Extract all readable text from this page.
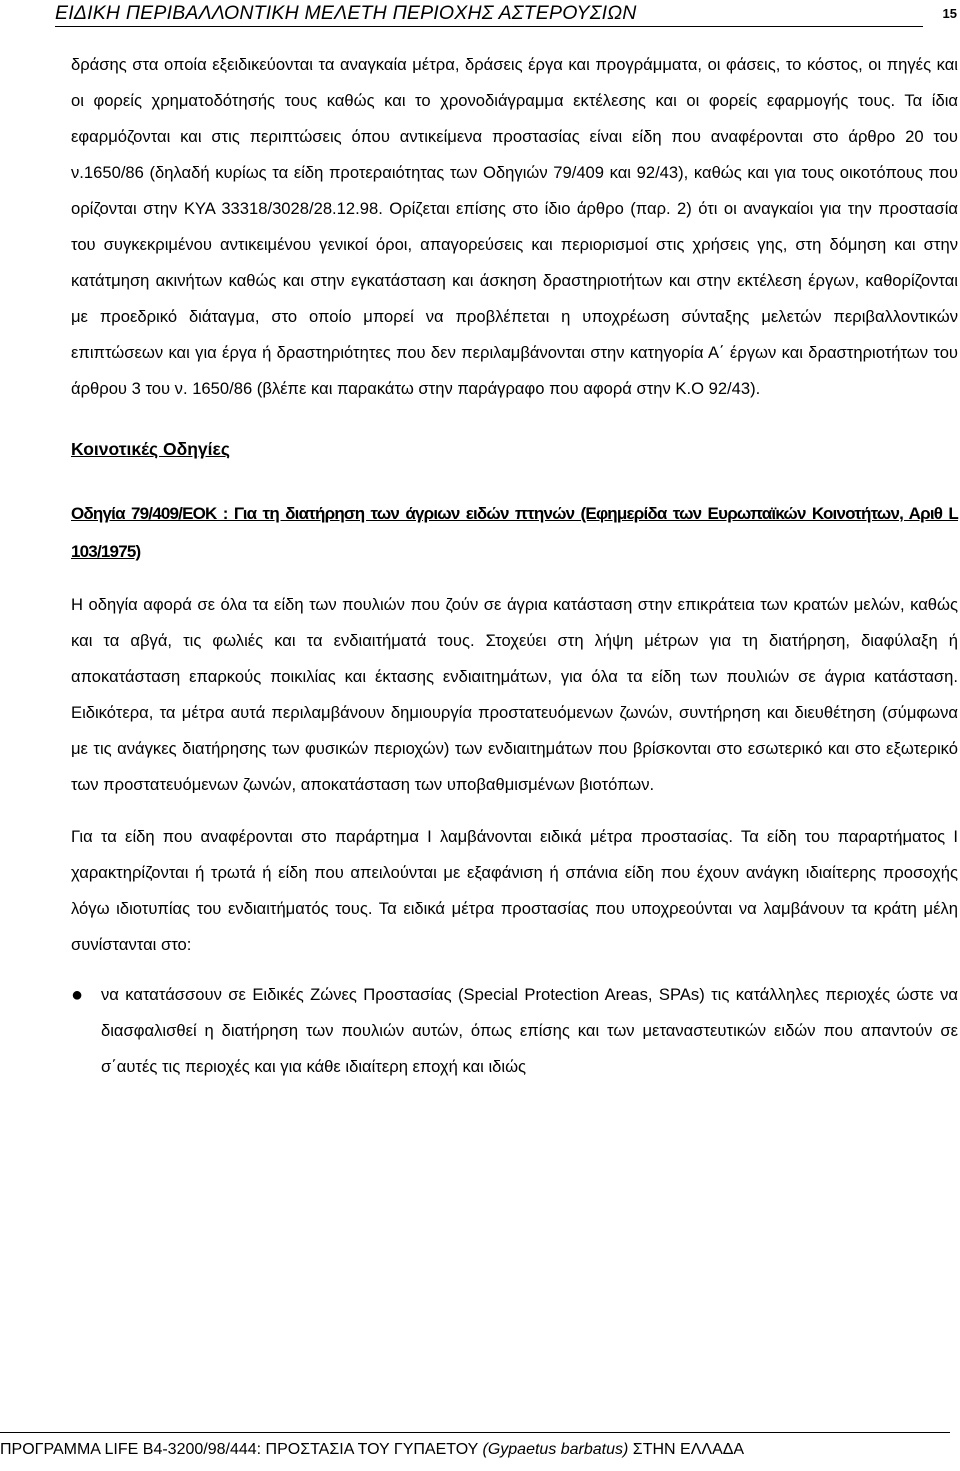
ΕΙΔΙΚΗ ΠΕΡΙΒΑΛΛΟΝΤΙΚΗ ΜΕΛΕΤΗ ΠΕΡΙΟΧΗΣ ΑΣΤΕΡΟΥΣΙΩΝ	15

δράσης στα οποία εξειδικεύονται τα αναγκαία μέτρα, δράσεις έργα και προγράμματα, οι φάσεις, το κόστος, οι πηγές και οι φορείς χρηματοδότησής τους καθώς και το χρονοδιάγραμμα εκτέλεσης και οι φορείς εφαρμογής τους. Τα ίδια εφαρμόζονται και στις περιπτώσεις όπου αντικείμενα προστασίας είναι είδη που αναφέρονται στο άρθρο 20 του ν.1650/86 (δηλαδή κυρίως τα είδη προτεραιότητας των Οδηγιών 79/409 και 92/43), καθώς και για τους οικοτόπους που ορίζονται στην ΚΥΑ 33318/3028/28.12.98. Ορίζεται επίσης στο ίδιο άρθρο (παρ. 2) ότι οι αναγκαίοι για την προστασία του συγκεκριμένου αντικειμένου γενικοί όροι, απαγορεύσεις και περιορισμοί στις χρήσεις γης, στη δόμηση και στην κατάτμηση ακινήτων καθώς και στην εγκατάσταση και άσκηση δραστηριοτήτων και στην εκτέλεση έργων, καθορίζονται με προεδρικό διάταγμα, στο οποίο μπορεί να προβλέπεται η υποχρέωση σύνταξης μελετών περιβαλλοντικών επιπτώσεων και για έργα ή δραστηριότητες που δεν περιλαμβάνονται στην κατηγορία Α΄ έργων και δραστηριοτήτων του άρθρου 3 του ν. 1650/86 (βλέπε και παρακάτω στην παράγραφο που αφορά στην Κ.Ο 92/43).

Κοινοτικές Οδηγίες
Οδηγία 79/409/ΕΟΚ : Για τη διατήρηση των άγριων ειδών πτηνών (Εφημερίδα των Ευρωπαϊκών Κοινοτήτων, Αριθ L 103/1975)

Η οδηγία αφορά σε όλα τα είδη των πουλιών που ζούν σε άγρια κατάσταση στην επικράτεια των κρατών μελών, καθώς και τα αβγά, τις φωλιές και τα ενδιαιτήματά τους. Στοχεύει στη λήψη μέτρων για τη διατήρηση, διαφύλαξη ή αποκατάσταση επαρκούς ποικιλίας και έκτασης ενδιαιτημάτων, για όλα τα είδη των πουλιών σε άγρια κατάσταση. Ειδικότερα, τα μέτρα αυτά περιλαμβάνουν δημιουργία προστατευόμενων ζωνών, συντήρηση και διευθέτηση (σύμφωνα με τις ανάγκες διατήρησης των φυσικών περιοχών) των ενδιαιτημάτων που βρίσκονται στο εσωτερικό και στο εξωτερικό των προστατευόμενων ζωνών, αποκατάσταση των υποβαθμισμένων βιοτόπων.

Για τα είδη που αναφέρονται στο παράρτημα Ι λαμβάνονται ειδικά μέτρα προστασίας. Τα είδη του παραρτήματος Ι χαρακτηρίζονται ή τρωτά ή είδη που απειλούνται με εξαφάνιση ή σπάνια είδη που έχουν ανάγκη ιδιαίτερης προσοχής λόγω ιδιοτυπίας του ενδιαιτήματός τους. Τα ειδικά μέτρα προστασίας που υποχρεούνται να λαμβάνουν τα κράτη μέλη συνίστανται στο:

●	να κατατάσσουν σε Ειδικές Ζώνες Προστασίας (Special Protection Areas, SPAs) τις κατάλληλες περιοχές ώστε να διασφαλισθεί η διατήρηση των πουλιών αυτών, όπως επίσης και των μεταναστευτικών ειδών που απαντούν σε σ΄αυτές τις περιοχές και για κάθε ιδιαίτερη εποχή και ιδιώς
ΠΡΟΓΡΑΜΜΑ LIFE B4-3200/98/444: ΠΡΟΣΤΑΣΙΑ ΤΟΥ ΓΥΠΑΕΤΟΥ (Gypaetus barbatus) ΣΤΗΝ ΕΛΛΑΔΑ
